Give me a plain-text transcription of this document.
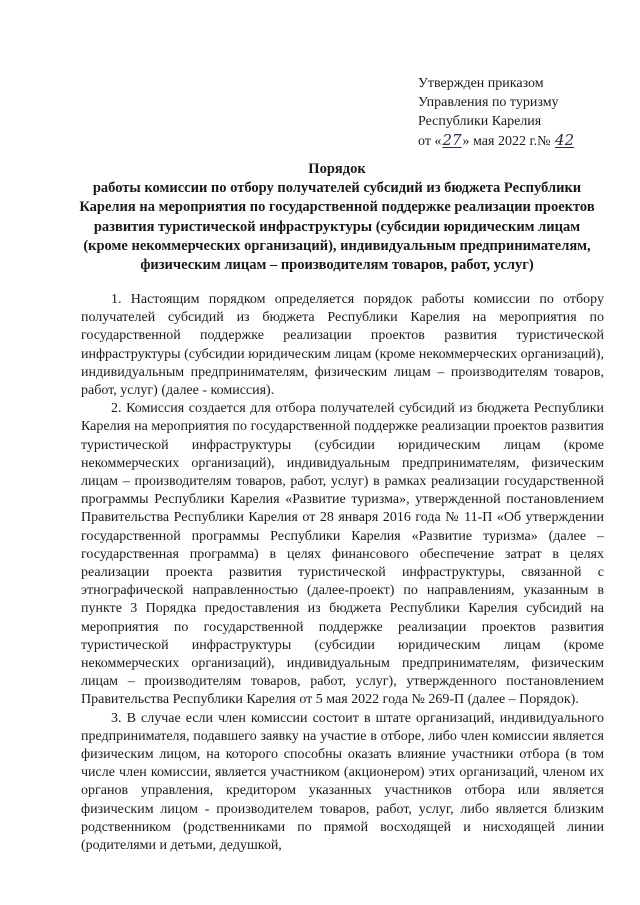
Утвержден приказом
Управления по туризму
Республики Карелия
от «27» мая 2022 г.№ 42
Порядок
работы комиссии по отбору получателей субсидий из бюджета Республики Карелия на мероприятия по государственной поддержке реализации проектов развития туристической инфраструктуры (субсидии юридическим лицам (кроме некоммерческих организаций), индивидуальным предпринимателям, физическим лицам – производителям товаров, работ, услуг)

1. Настоящим порядком определяется порядок работы комиссии по отбору получателей субсидий из бюджета Республики Карелия на мероприятия по государственной поддержке реализации проектов развития туристической инфраструктуры (субсидии юридическим лицам (кроме некоммерческих организаций), индивидуальным предпринимателям, физическим лицам – производителям товаров, работ, услуг) (далее - комиссия).

2. Комиссия создается для отбора получателей субсидий из бюджета Республики Карелия на мероприятия по государственной поддержке реализации проектов развития туристической инфраструктуры (субсидии юридическим лицам (кроме некоммерческих организаций), индивидуальным предпринимателям, физическим лицам – производителям товаров, работ, услуг) в рамках реализации государственной программы Республики Карелия «Развитие туризма», утвержденной постановлением Правительства Республики Карелия от 28 января 2016 года № 11-П «Об утверждении государственной программы Республики Карелия «Развитие туризма» (далее – государственная программа) в целях финансового обеспечение затрат в целях реализации проекта развития туристической инфраструктуры, связанной с этнографической направленностью (далее-проект) по направлениям, указанным в пункте 3 Порядка предоставления из бюджета Республики Карелия субсидий на мероприятия по государственной поддержке реализации проектов развития туристической инфраструктуры (субсидии юридическим лицам (кроме некоммерческих организаций), индивидуальным предпринимателям, физическим лицам – производителям товаров, работ, услуг), утвержденного постановлением Правительства Республики Карелия от 5 мая 2022 года № 269-П (далее – Порядок).

3. В случае если член комиссии состоит в штате организаций, индивидуального предпринимателя, подавшего заявку на участие в отборе, либо член комиссии является физическим лицом, на которого способны оказать влияние участники отбора (в том числе член комиссии, является участником (акционером) этих организаций, членом их органов управления, кредитором указанных участников отбора или является физическим лицом - производителем товаров, работ, услуг, либо является близким родственником (родственниками по прямой восходящей и нисходящей линии (родителями и детьми, дедушкой,
